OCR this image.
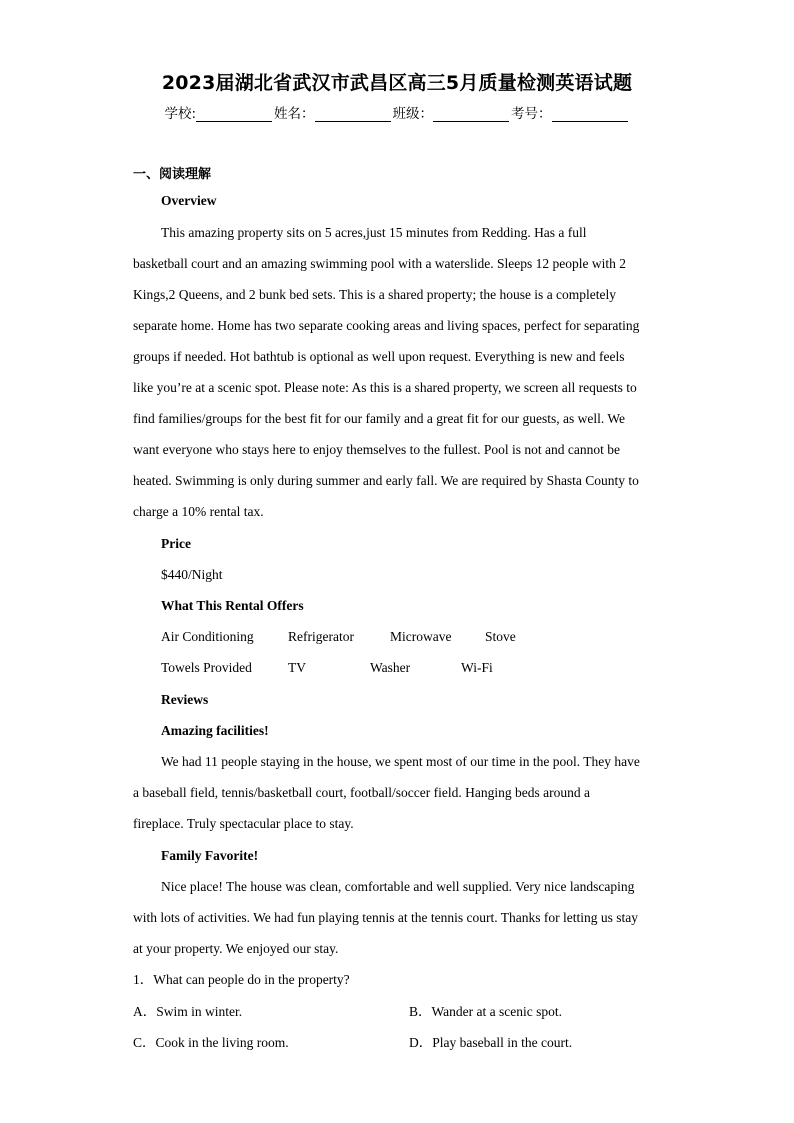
2023届湖北省武汉市武昌区高三5月质量检测英语试题
学校:	姓名：	班级：	考号：
一、阅读理解
Overview
This amazing property sits on 5 acres,just 15 minutes from Redding. Has a full
basketball court and an amazing swimming pool with a waterslide. Sleeps 12 people with 2
Kings,2 Queens, and 2 bunk bed sets. This is a shared property; the house is a completely
separate home. Home has two separate cooking areas and living spaces, perfect for separating
groups if needed. Hot bathtub is optional as well upon request. Everything is new and feels
like you’re at a scenic spot. Please note: As this is a shared property, we screen all requests to
find families/groups for the best fit for our family and a great fit for our guests, as well. We
want everyone who stays here to enjoy themselves to the fullest. Pool is not and cannot be
heated. Swimming is only during summer and early fall. We are required by Shasta County to
charge a 10% rental tax.
Price
$440/Night
What This Rental Offers
Air Conditioning	Refrigerator	Microwave Stove
Towels Provided	TV	Washer	Wi-Fi
Reviews
Amazing facilities!
We had 11 people staying in the house, we spent most of our time in the pool. They have
a baseball field, tennis/basketball court, football/soccer field. Hanging beds around a
fireplace. Truly spectacular place to stay.
Family Favorite!
Nice place! The house was clean, comfortable and well supplied. Very nice landscaping
with lots of activities. We had fun playing tennis at the tennis court. Thanks for letting us stay
at your property. We enjoyed our stay.
1．What can people do in the property?
A．Swim in winter.	B．Wander at a scenic spot.
C．Cook in the living room.	D．Play baseball in the court.
